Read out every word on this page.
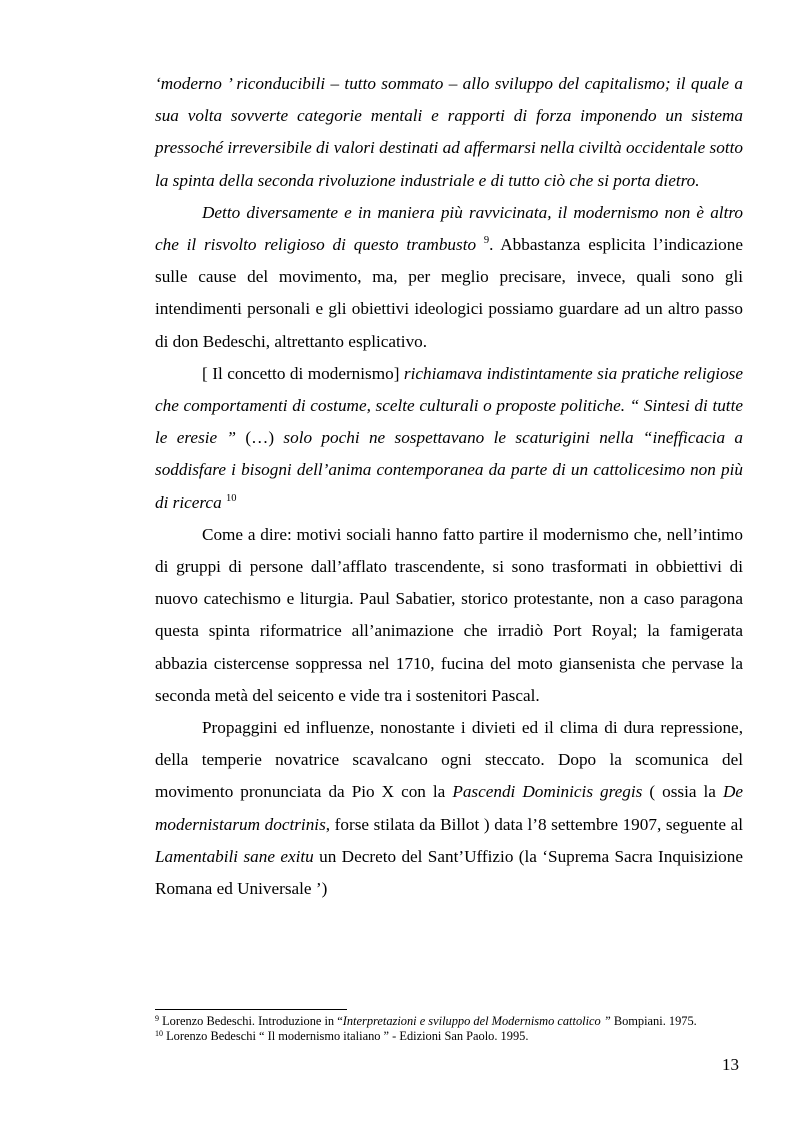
‘moderno ’ riconducibili – tutto sommato – allo sviluppo del capitalismo; il quale a sua volta sovverte categorie mentali e rapporti di forza imponendo un sistema pressoché irreversibile di valori destinati ad affermarsi nella civiltà occidentale sotto la spinta della seconda rivoluzione industriale e di tutto ciò che si porta dietro.

Detto diversamente e in maniera più ravvicinata, il modernismo non è altro che il risvolto religioso di questo trambusto $^9$. Abbastanza esplicita l’indicazione sulle cause del movimento, ma, per meglio precisare, invece, quali sono gli intendimenti personali e gli obiettivi ideologici possiamo guardare ad un altro passo di don Bedeschi, altrettanto esplicativo.

[ Il concetto di modernismo] richiamava indistintamente sia pratiche religiose che comportamenti di costume, scelte culturali o proposte politiche. “ Sintesi di tutte le eresie ” (…) solo pochi ne sospettavano le scaturigini nella “inefficacia a soddisfare i bisogni dell’anima contemporanea da parte di un cattolicesimo non più di ricerca $^{10}$

Come a dire: motivi sociali hanno fatto partire il modernismo che, nell’intimo di gruppi di persone dall’afflato trascendente, si sono trasformati in obbiettivi di nuovo catechismo e liturgia. Paul Sabatier, storico protestante, non a caso paragona questa spinta riformatrice all’animazione che irradiò Port Royal; la famigerata abbazia cistercense soppressa nel 1710, fucina del moto giansenista che pervase la seconda metà del seicento e vide tra i sostenitori Pascal.

Propaggini ed influenze, nonostante i divieti ed il clima di dura repressione, della temperie novatrice scavalcano ogni steccato. Dopo la scomunica del movimento pronunciata da Pio X con la Pascendi Dominicis gregis ( ossia la De modernistarum doctrinis, forse stilata da Billot ) data l’8 settembre 1907, seguente al Lamentabili sane exitu un Decreto del Sant’Uffizio (la ‘Suprema Sacra Inquisizione Romana ed Universale ’)

$^9$ Lorenzo Bedeschi. Introduzione in “Interpretazioni e sviluppo del Modernismo cattolico ” Bompiani. 1975.
$^{10}$ Lorenzo Bedeschi “ Il modernismo italiano ” - Edizioni San Paolo. 1995.
13
